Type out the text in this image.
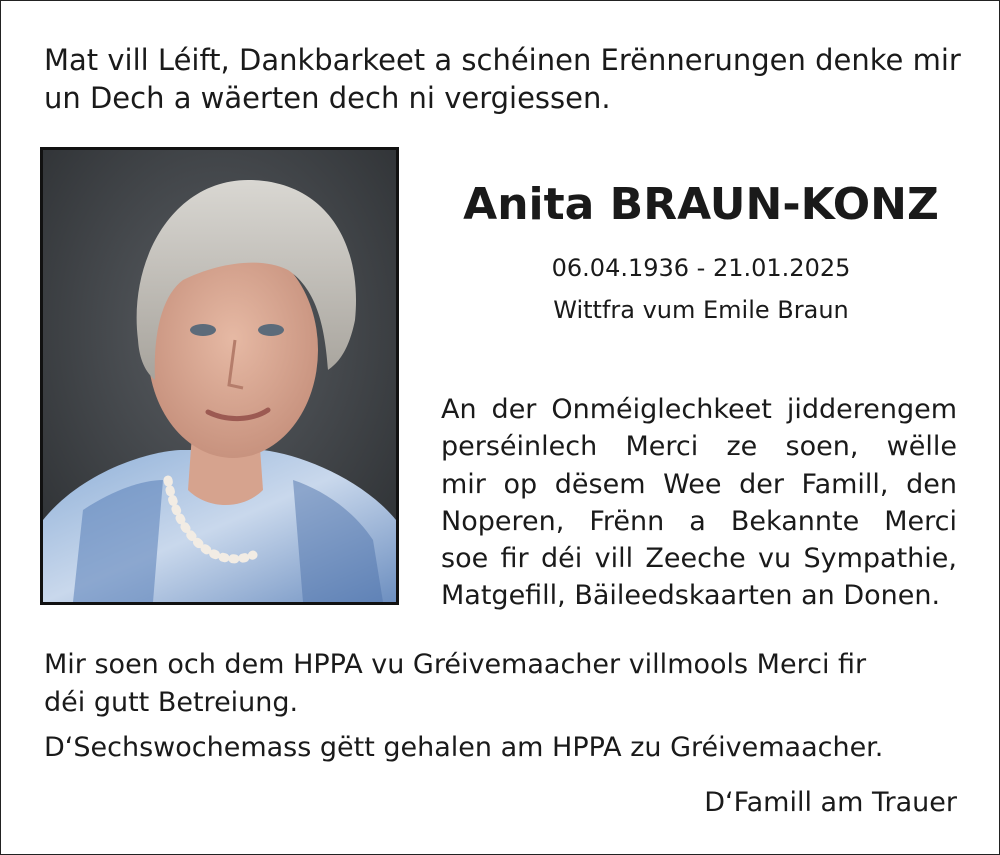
Mat vill Léift, Dankbarkeet a schéinen Erënnerungen denke mir
un Dech a wäerten dech ni vergiessen.

Anita BRAUN-KONZ

06.04.1936 - 21.01.2025

Wittfra vum Emile Braun

An der Onméiglechkeet jidderengem
perséinlech Merci ze soen, wëlle
mir op dësem Wee der Famill, den
Noperen, Frënn a Bekannte Merci
soe fir déi vill Zeeche vu Sympathie,
Matgefill, Bäileedskaarten an Donen.

Mir soen och dem HPPA vu Gréivemaacher villmools Merci fir
déi gutt Betreiung.

D‘Sechswochemass gëtt gehalen am HPPA zu Gréivemaacher.

D‘Famill am Trauer
